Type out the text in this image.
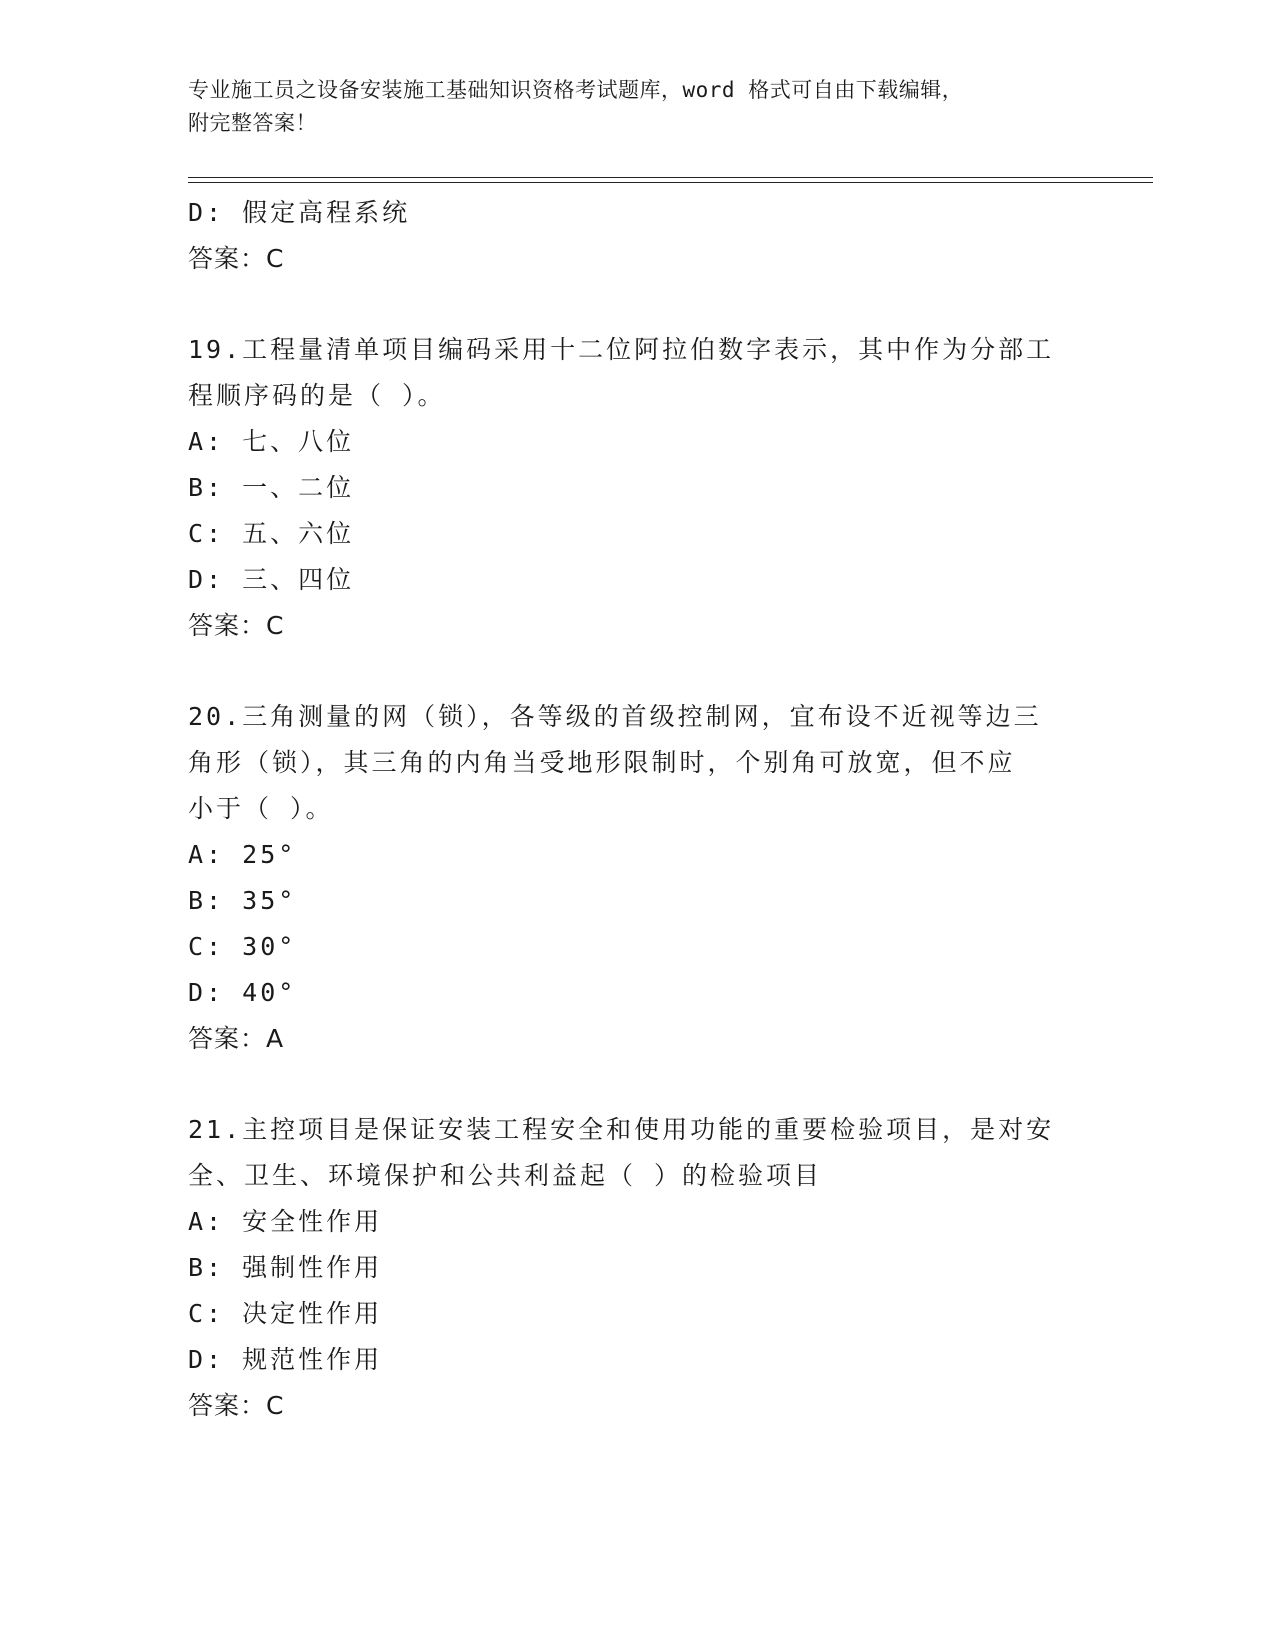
专业施工员之设备安装施工基础知识资格考试题库，word 格式可自由下载编辑，
附完整答案！
D: 假定高程系统
答案：C
19.工程量清单项目编码采用十二位阿拉伯数字表示，其中作为分部工
程顺序码的是（ ）。
A: 七、八位
B: 一、二位
C: 五、六位
D: 三、四位
答案：C
20.三角测量的网（锁），各等级的首级控制网，宜布设不近视等边三
角形（锁），其三角的内角当受地形限制时，个别角可放宽，但不应
小于（ ）。
A: 25°
B: 35°
C: 30°
D: 40°
答案：A
21.主控项目是保证安装工程安全和使用功能的重要检验项目，是对安
全、卫生、环境保护和公共利益起（ ）的检验项目
A: 安全性作用
B: 强制性作用
C: 决定性作用
D: 规范性作用
答案：C
